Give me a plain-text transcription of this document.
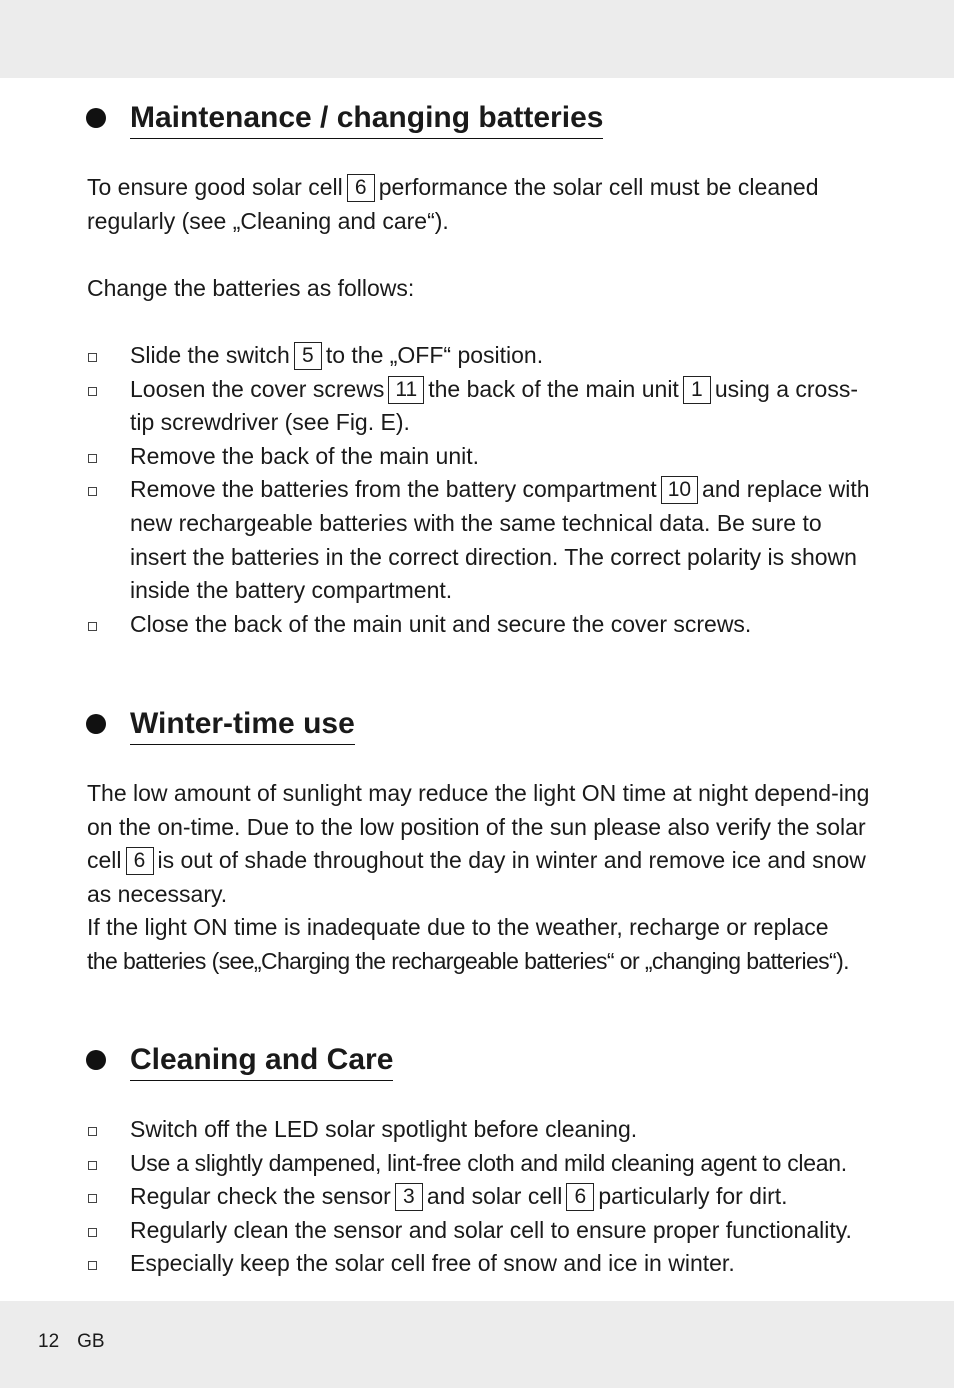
Maintenance / changing batteries

To ensure good solar cell 6 performance the solar cell must be cleaned regularly (see „Cleaning and care“).

Change the batteries as follows:

Slide the switch 5 to the „OFF“ position.
Loosen the cover screws 11 the back of the main unit 1 using a cross-tip screwdriver (see Fig. E).
Remove the back of the main unit.
Remove the batteries from the battery compartment 10 and replace with new rechargeable batteries with the same technical data. Be sure to insert the batteries in the correct direction. The correct polarity is shown inside the battery compartment.
Close the back of the main unit and secure the cover screws.
Winter-time use

The low amount of sunlight may reduce the light ON time at night depend-ing on the on-time. Due to the low position of the sun please also verify the solar cell 6 is out of shade throughout the day in winter and remove ice and snow as necessary.

If the light ON time is inadequate due to the weather, recharge or replace

the batteries (see„Charging the rechargeable batteries“ or „changing batteries“).

Cleaning and Care
Switch off the LED solar spotlight before cleaning.
Use a slightly dampened, lint-free cloth and mild cleaning agent to clean.
Regular check the sensor 3 and solar cell 6 particularly for dirt.
Regularly clean the sensor and solar cell to ensure proper functionality.
Especially keep the solar cell free of snow and ice in winter.
12 GB
